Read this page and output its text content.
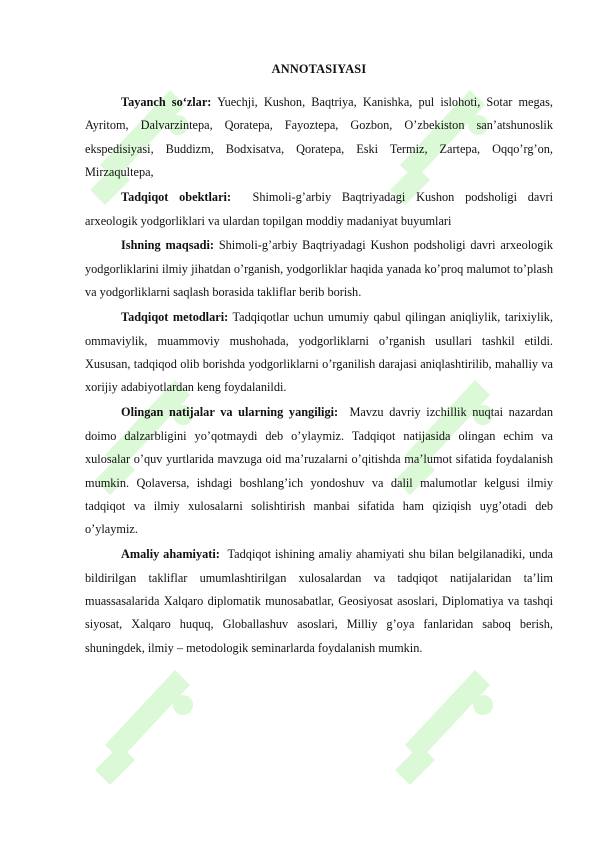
ANNOTASIYASI

Tayanch so‘zlar: Yuechji, Kushon, Baqtriya, Kanishka, pul islohoti, Sotar megas, Ayritom, Dalvarzintepa, Qoratepa, Fayoztepa, Gozbon, O’zbekiston san’atshunoslik ekspedisiyasi, Buddizm, Bodxisatva, Qoratepa, Eski Termiz, Zartepa, Oqqo’rg’on, Mirzaqultepa,

Tadqiqot obektlari: Shimoli-g’arbiy Baqtriyadagi Kushon podsholigi davri arxeologik yodgorliklari va ulardan topilgan moddiy madaniyat buyumlari

Ishning maqsadi: Shimoli-g’arbiy Baqtriyadagi Kushon podsholigi davri arxeologik yodgorliklarini ilmiy jihatdan o’rganish, yodgorliklar haqida yanada ko’proq malumot to’plash va yodgorliklarni saqlash borasida takliflar berib borish.

Tadqiqot metodlari: Tadqiqotlar uchun umumiy qabul qilingan aniqliylik, tarixiylik, ommaviylik, muammoviy mushohada, yodgorliklarni o’rganish usullari tashkil etildi. Xususan, tadqiqod olib borishda yodgorliklarni o’rganilish darajasi aniqlashtirilib, mahalliy va xorijiy adabiyotlardan keng foydalanildi.

Olingan natijalar va ularning yangiligi: Mavzu davriy izchillik nuqtai nazardan doimo dalzarbligini yo’qotmaydi deb o’ylaymiz. Tadqiqot natijasida olingan echim va xulosalar o’quv yurtlarida mavzuga oid ma’ruzalarni o’qitishda ma’lumot sifatida foydalanish mumkin. Qolaversa, ishdagi boshlang’ich yondoshuv va dalil malumotlar kelgusi ilmiy tadqiqot va ilmiy xulosalarni solishtirish manbai sifatida ham qiziqish uyg’otadi deb o’ylaymiz.

Amaliy ahamiyati: Tadqiqot ishining amaliy ahamiyati shu bilan belgilanadiki, unda bildirilgan takliflar umumlashtirilgan xulosalardan va tadqiqot natijalaridan ta’lim muassasalarida Xalqaro diplomatik munosabatlar, Geosiyosat asoslari, Diplomatiya va tashqi siyosat, Xalqaro huquq, Globallashuv asoslari, Milliy g’oya fanlaridan saboq berish, shuningdek, ilmiy – metodologik seminarlarda foydalanish mumkin.
